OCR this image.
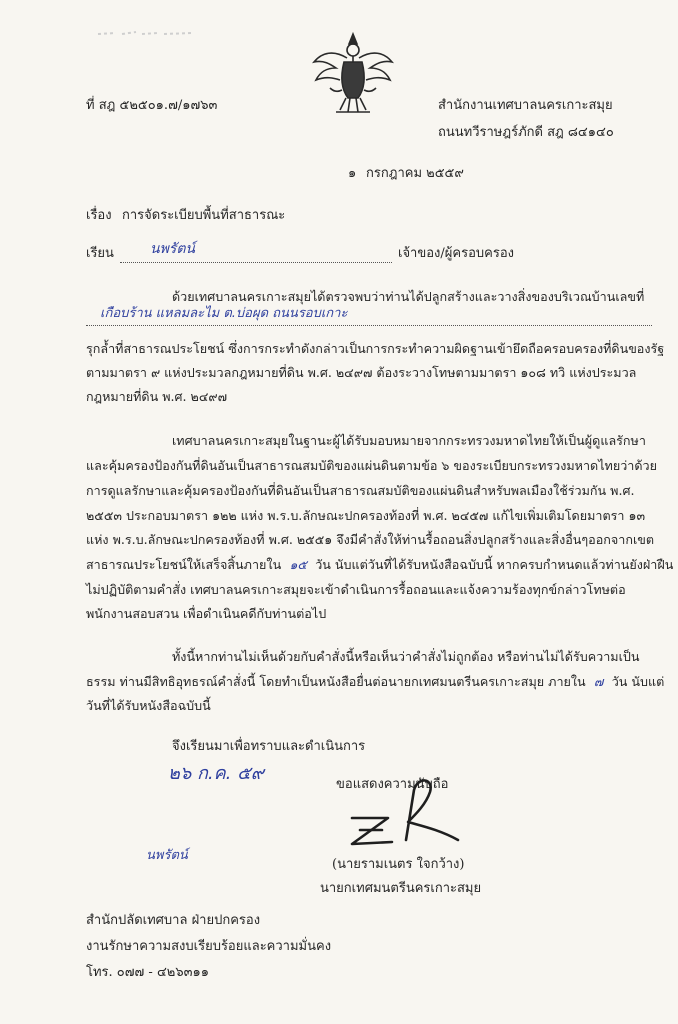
ที่ สฎ ๕๒๕๐๑.๗/๑๗๖๓	สำนักงานเทศบาลนครเกาะสมุย
ถนนทวีราษฎร์ภักดี สฎ ๘๔๑๔๐
๑ กรกฎาคม ๒๕๕๙
เรื่อง การจัดระเบียบพื้นที่สาธารณะ
เรียน	นพรัตน์	เจ้าของ/ผู้ครอบครอง
ด้วยเทศบาลนครเกาะสมุยได้ตรวจพบว่าท่านได้ปลูกสร้างและวางสิ่งของบริเวณบ้านเลขที่
เกือบร้าน แหลมละไม ต.บ่อผุด ถนนรอบเกาะ
รุกล้ำที่สาธารณประโยชน์ ซึ่งการกระทำดังกล่าวเป็นการกระทำความผิดฐานเข้ายึดถือครอบครองที่ดินของรัฐ
ตามมาตรา ๙ แห่งประมวลกฎหมายที่ดิน พ.ศ. ๒๔๙๗ ต้องระวางโทษตามมาตรา ๑๐๘ ทวิ แห่งประมวล
กฎหมายที่ดิน พ.ศ. ๒๔๙๗
เทศบาลนครเกาะสมุยในฐานะผู้ได้รับมอบหมายจากกระทรวงมหาดไทยให้เป็นผู้ดูแลรักษา
และคุ้มครองป้องกันที่ดินอันเป็นสาธารณสมบัติของแผ่นดินตามข้อ ๖ ของระเบียบกระทรวงมหาดไทยว่าด้วย
การดูแลรักษาและคุ้มครองป้องกันที่ดินอันเป็นสาธารณสมบัติของแผ่นดินสำหรับพลเมืองใช้ร่วมกัน พ.ศ.
๒๕๕๓ ประกอบมาตรา ๑๒๒ แห่ง พ.ร.บ.ลักษณะปกครองท้องที่ พ.ศ. ๒๔๕๗ แก้ไขเพิ่มเติมโดยมาตรา ๑๓
แห่ง พ.ร.บ.ลักษณะปกครองท้องที่ พ.ศ. ๒๕๕๑ จึงมีคำสั่งให้ท่านรื้อถอนสิ่งปลูกสร้างและสิ่งอื่นๆออกจากเขต
สาธารณประโยชน์ให้เสร็จสิ้นภายใน ๑๕ วัน นับแต่วันที่ได้รับหนังสือฉบับนี้ หากครบกำหนดแล้วท่านยังฝ่าฝืน
ไม่ปฏิบัติตามคำสั่ง เทศบาลนครเกาะสมุยจะเข้าดำเนินการรื้อถอนและแจ้งความร้องทุกข์กล่าวโทษต่อ
พนักงานสอบสวน เพื่อดำเนินคดีกับท่านต่อไป
ทั้งนี้หากท่านไม่เห็นด้วยกับคำสั่งนี้หรือเห็นว่าคำสั่งไม่ถูกต้อง หรือท่านไม่ได้รับความเป็น
ธรรม ท่านมีสิทธิอุทธรณ์คำสั่งนี้ โดยทำเป็นหนังสือยื่นต่อนายกเทศมนตรีนครเกาะสมุย ภายใน ๗ วัน นับแต่
วันที่ได้รับหนังสือฉบับนี้
จึงเรียนมาเพื่อทราบและดำเนินการ
๒๖ ก.ค. ๕๙
ขอแสดงความนับถือ
นพรัตน์
(นายรามเนตร ใจกว้าง)
นายกเทศมนตรีนครเกาะสมุย
สำนักปลัดเทศบาล ฝ่ายปกครอง
งานรักษาความสงบเรียบร้อยและความมั่นคง
โทร. ๐๗๗ - ๔๒๖๓๑๑
